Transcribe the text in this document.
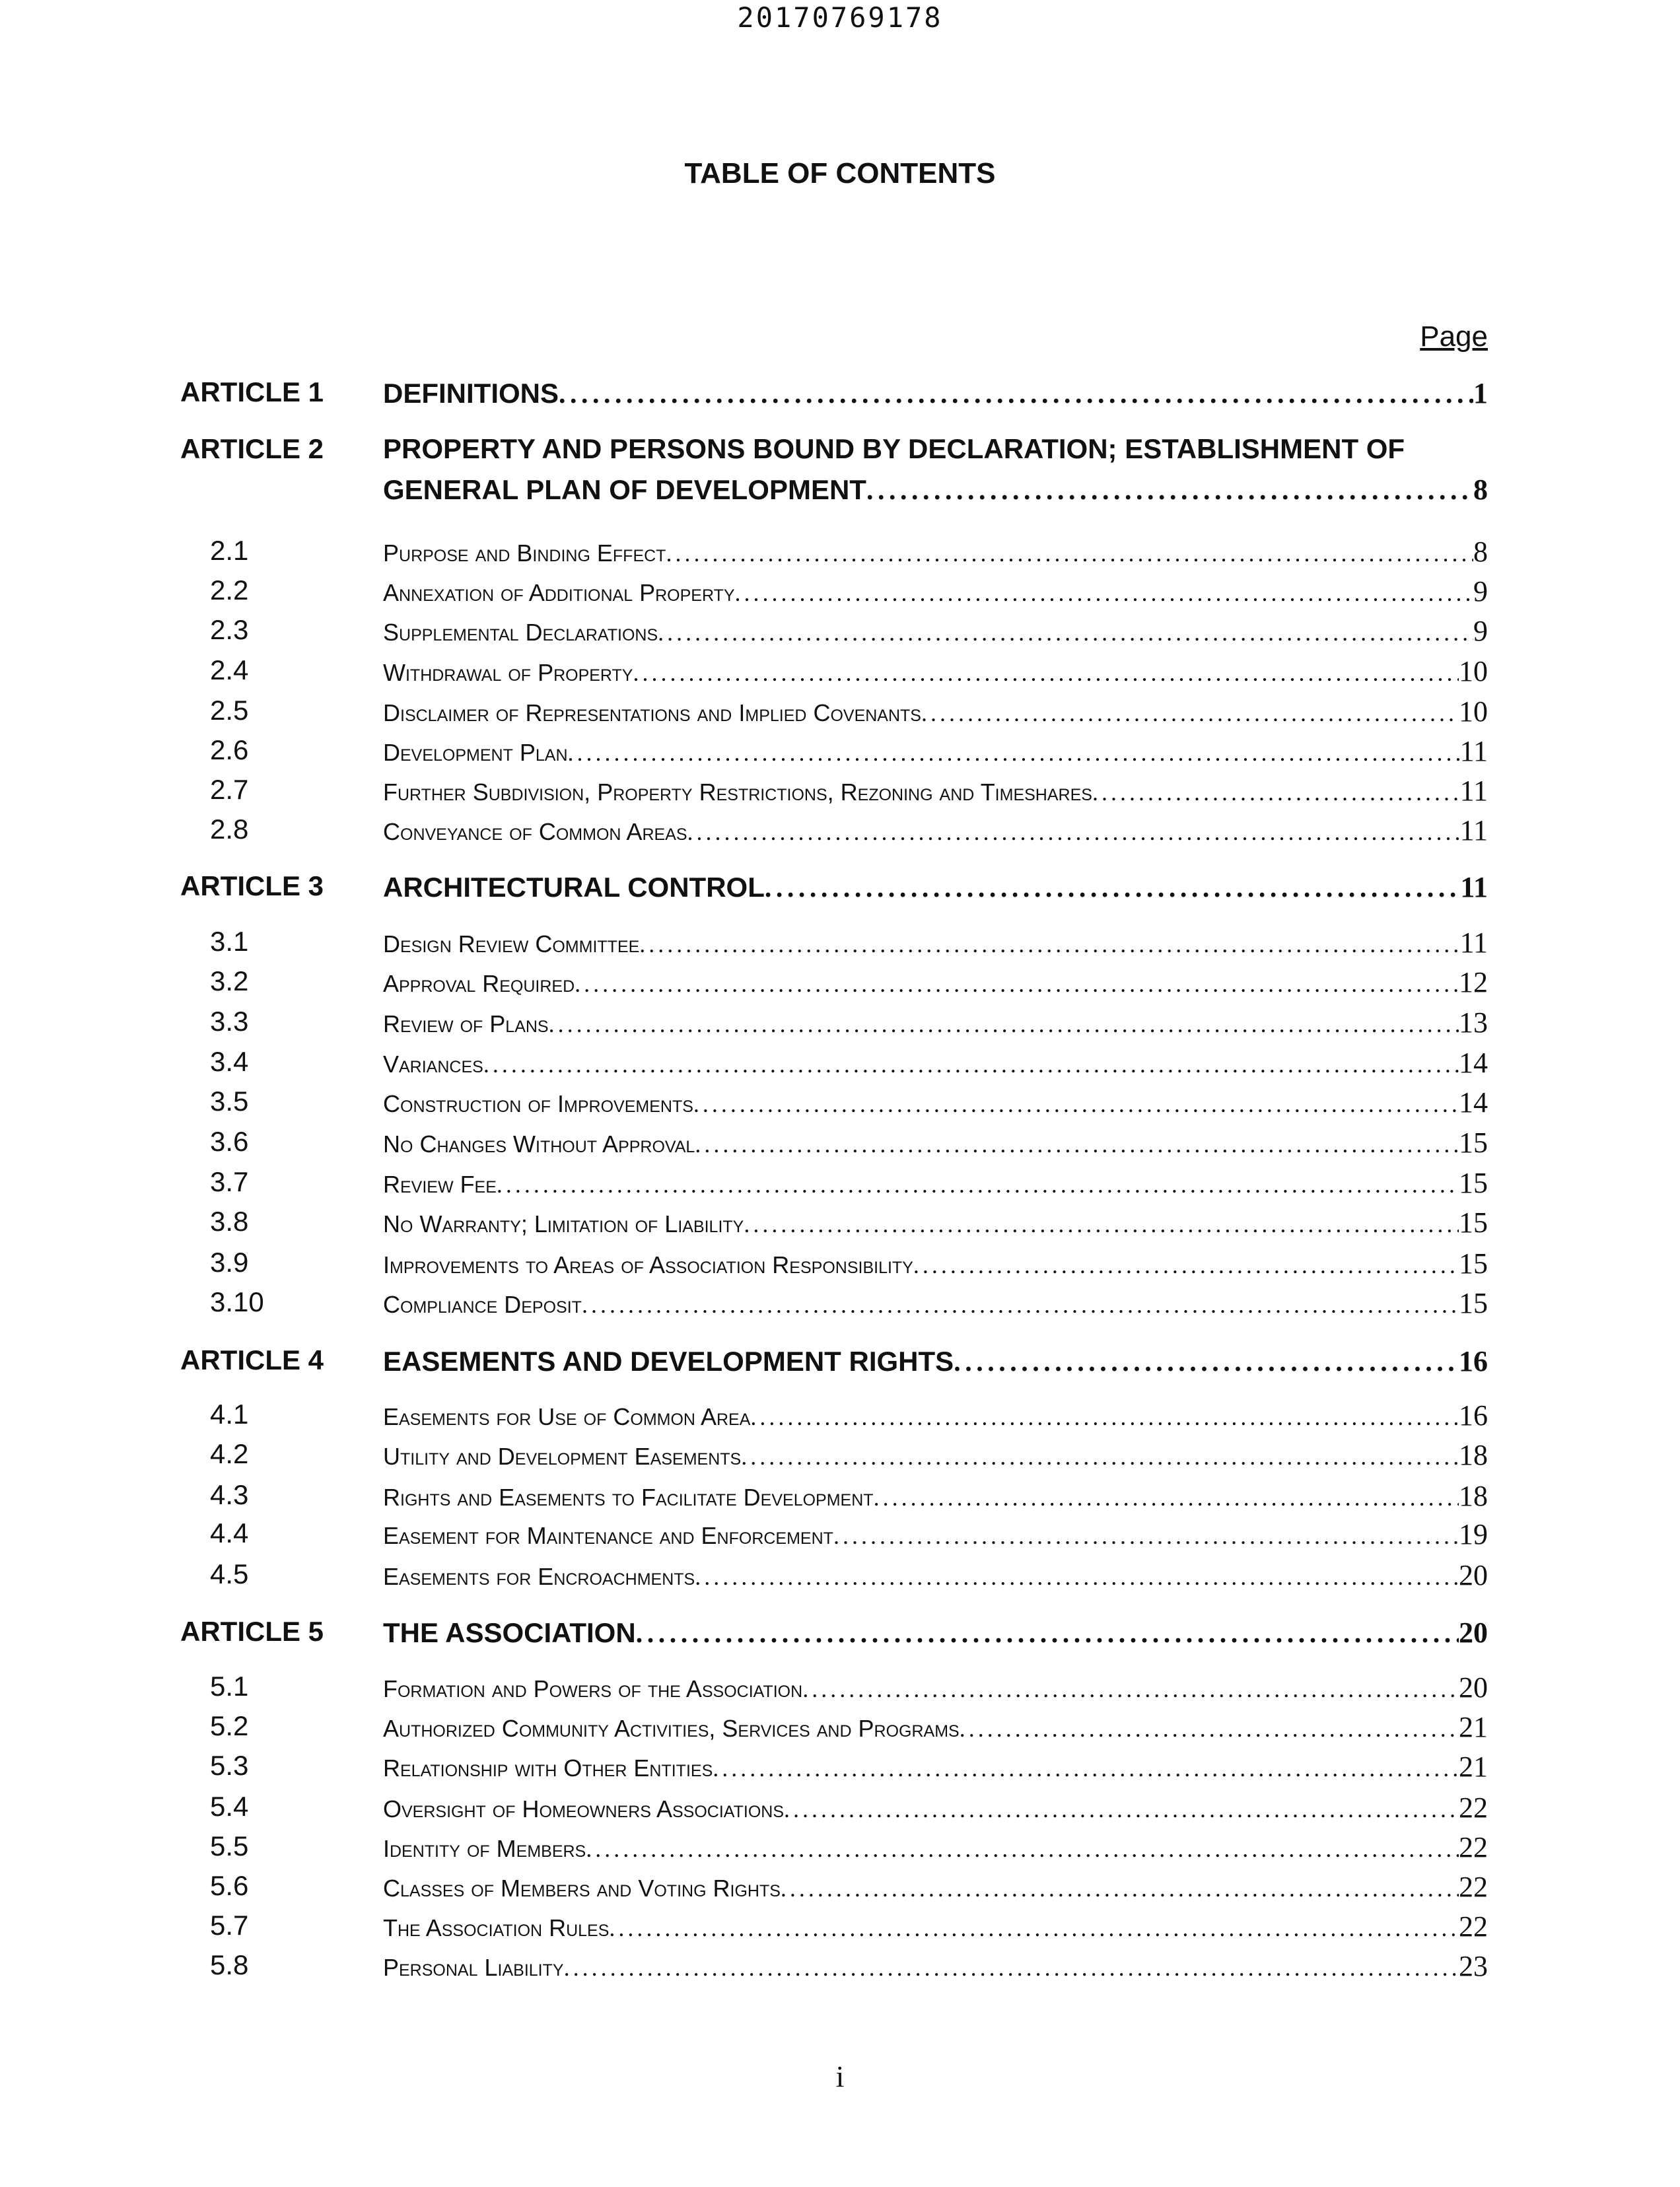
20170769178
TABLE OF CONTENTS
Page
ARTICLE 1 DEFINITIONS . . .	1
ARTICLE 2 PROPERTY AND PERSONS BOUND BY DECLARATION; ESTABLISHMENT OF
GENERAL PLAN OF DEVELOPMENT . . .	8
2.1	Purpose and Binding Effect . . .	8
2.2	Annexation of Additional Property . . .	9
2.3	Supplemental Declarations . . .	9
2.4	Withdrawal of Property . . .	10
2.5	Disclaimer of Representations and Implied Covenants . . .	10
2.6	Development Plan . . .	11
2.7	Further Subdivision, Property Restrictions, Rezoning and Timeshares . . .	11
2.8	Conveyance of Common Areas . . .	11
ARTICLE 3 ARCHITECTURAL CONTROL . . .	11
3.1	Design Review Committee . . .	11
3.2	Approval Required . . .	12
3.3	Review of Plans . . .	13
3.4	Variances . . .	14
3.5	Construction of Improvements . . .	14
3.6	No Changes Without Approval . . .	15
3.7	Review Fee . . .	15
3.8	No Warranty; Limitation of Liability . . .	15
3.9	Improvements to Areas of Association Responsibility . . .	15
3.10	Compliance Deposit . . .	15
ARTICLE 4 EASEMENTS AND DEVELOPMENT RIGHTS . . .	16
4.1	Easements for Use of Common Area . . .	16
4.2	Utility and Development Easements . . .	18
4.3	Rights and Easements to Facilitate Development . . .	18
4.4	Easement for Maintenance and Enforcement . . .	19
4.5	Easements for Encroachments . . .	20
ARTICLE 5 THE ASSOCIATION . . .	20
5.1	Formation and Powers of the Association . . .	20
5.2	Authorized Community Activities, Services and Programs . . .	21
5.3	Relationship with Other Entities . . .	21
5.4	Oversight of Homeowners Associations . . .	22
5.5	Identity of Members . . .	22
5.6	Classes of Members and Voting Rights . . .	22
5.7	The Association Rules . . .	22
5.8	Personal Liability . . .	23
i
